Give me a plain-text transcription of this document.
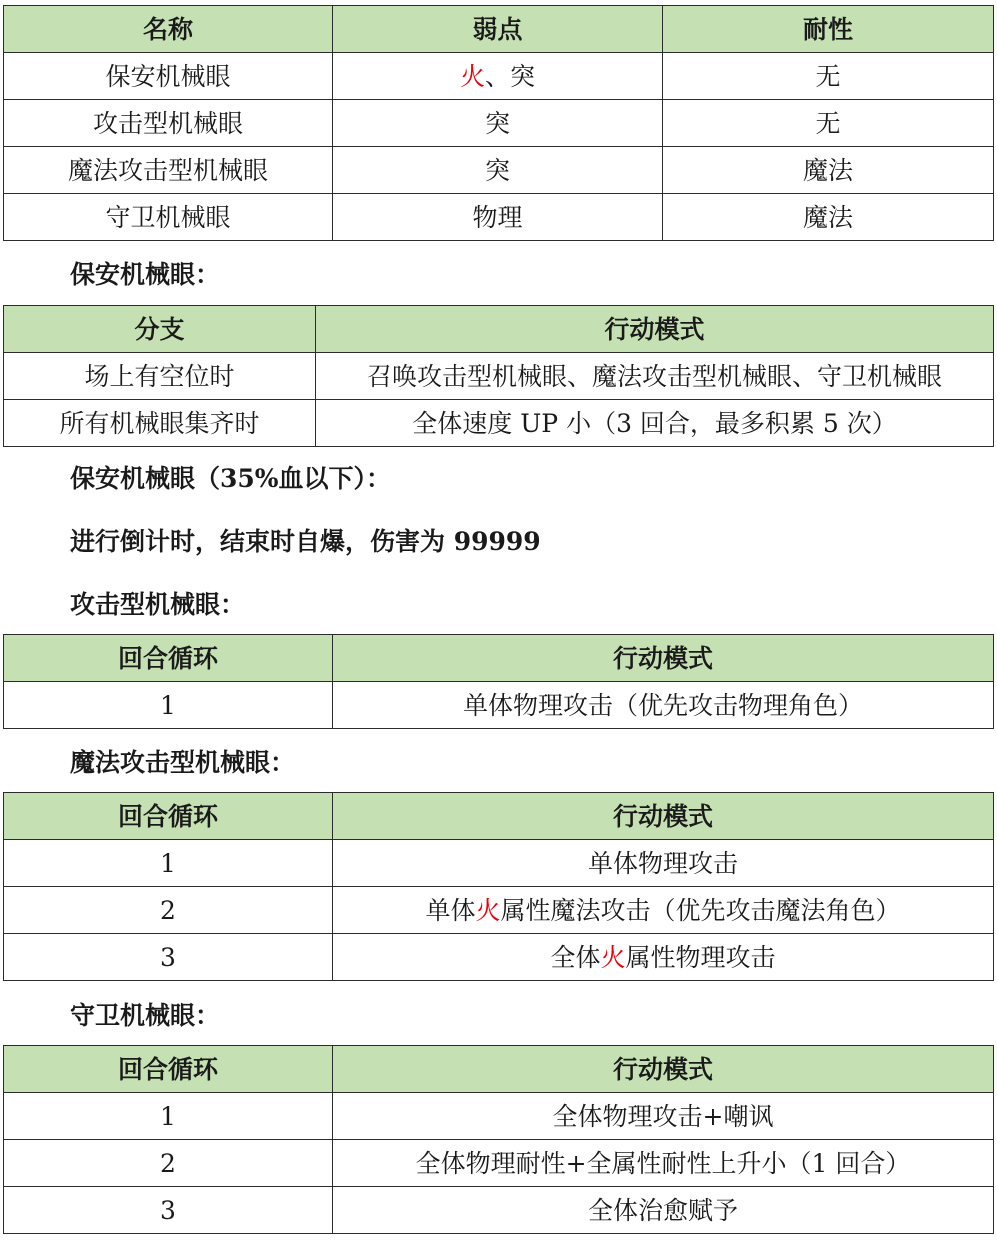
名称	弱点	耐性
保安机械眼	火、突	无
攻击型机械眼	突	无
魔法攻击型机械眼	突	魔法
守卫机械眼	物理	魔法

保安机械眼：

分支	行动模式
场上有空位时	召唤攻击型机械眼、魔法攻击型机械眼、守卫机械眼
所有机械眼集齐时	全体速度 UP 小（3 回合，最多积累 5 次）

保安机械眼（35%血以下）：

进行倒计时，结束时自爆，伤害为 99999

攻击型机械眼：

回合循环	行动模式
1	单体物理攻击（优先攻击物理角色）

魔法攻击型机械眼：

回合循环	行动模式
1	单体物理攻击
2	单体火属性魔法攻击（优先攻击魔法角色）
3	全体火属性物理攻击

守卫机械眼：

回合循环	行动模式
1	全体物理攻击+嘲讽
2	全体物理耐性+全属性耐性上升小（1 回合）
3	全体治愈赋予
